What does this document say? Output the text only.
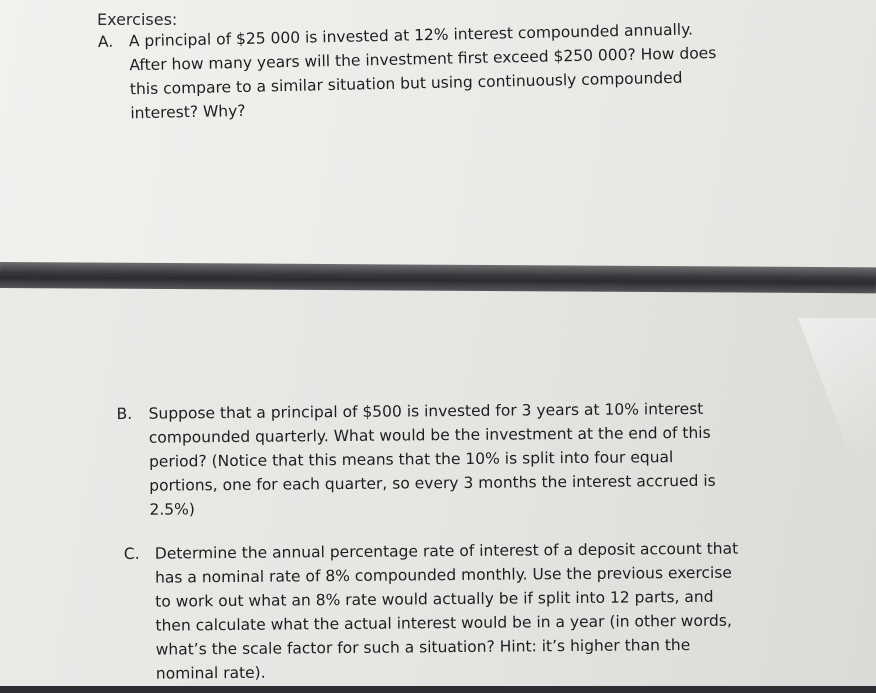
Exercises:
A. A principal of $25 000 is invested at 12% interest compounded annually.
After how many years will the investment first exceed $250 000? How does
this compare to a similar situation but using continuously compounded
interest? Why?
B. Suppose that a principal of $500 is invested for 3 years at 10% interest
compounded quarterly. What would be the investment at the end of this
period? (Notice that this means that the 10% is split into four equal
portions, one for each quarter, so every 3 months the interest accrued is
2.5%)
C. Determine the annual percentage rate of interest of a deposit account that
has a nominal rate of 8% compounded monthly. Use the previous exercise
to work out what an 8% rate would actually be if split into 12 parts, and
then calculate what the actual interest would be in a year (in other words,
what’s the scale factor for such a situation? Hint: it’s higher than the
nominal rate).
